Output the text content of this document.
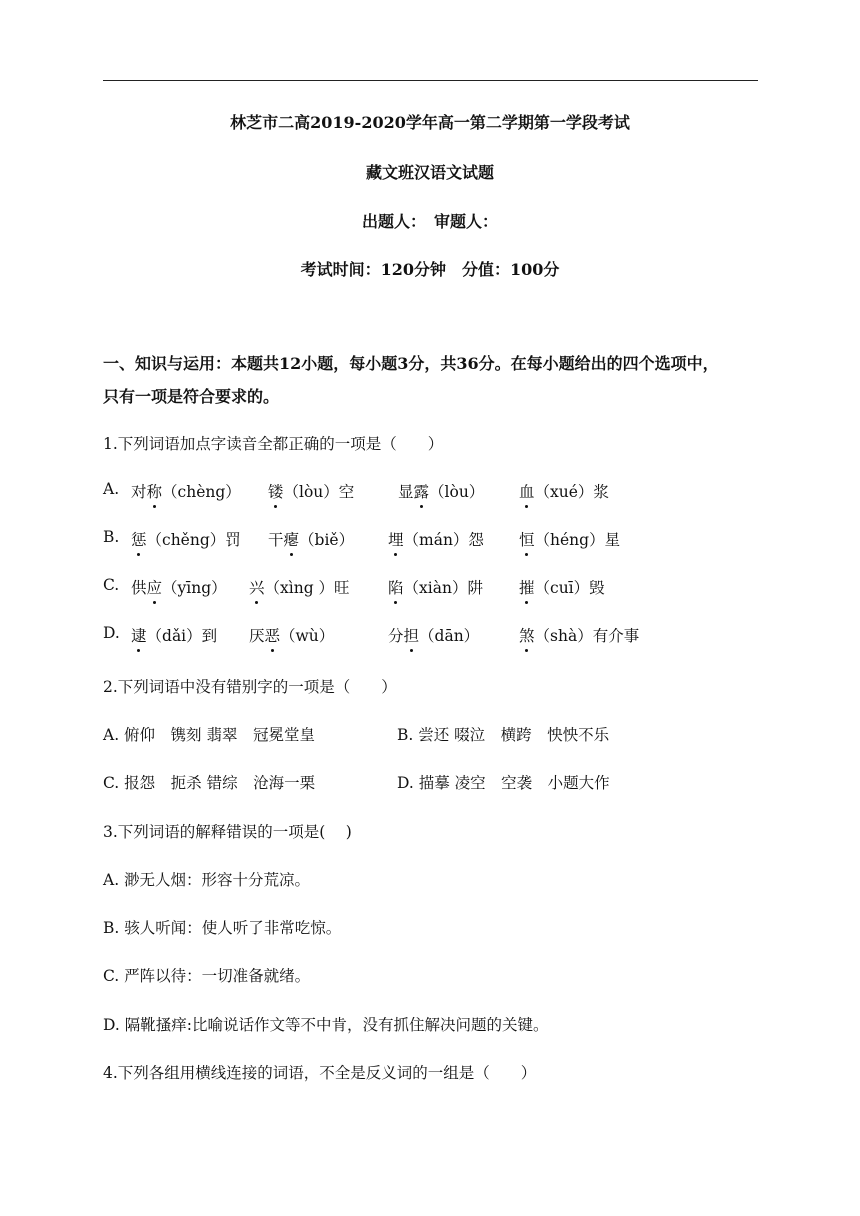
林芝市二高2019-2020学年高一第二学期第一学段考试
藏文班汉语文试题
出题人：　审题人：
考试时间：120分钟　分值：100分
一、知识与运用：本题共12小题，每小题3分，共36分。在每小题给出的四个选项中，
只有一项是符合要求的。
1.下列词语加点字读音全都正确的一项是（　　）
A. 对称（chèng） 镂（lòu）空	显露（lòu） 血（xué）浆
B. 惩（chěng）罚 干瘪（biě） 埋（mán）怨 恒（héng）星
C. 供应（yīng） 兴（xìng ）旺 陷（xiàn）阱 摧（cuī）毁
D. 逮（dǎi）到 厌恶（wù）	分担（dān）	煞（shà）有介事
2.下列词语中没有错别字的一项是（　　）
A. 俯仰　镌刻 翡翠　冠冕堂皇	B. 尝还 啜泣　横跨　怏怏不乐
C. 报怨　扼杀 错综　沧海一栗	D. 描摹 凌空　空袭　小题大作
3.下列词语的解释错误的一项是(　 )
A. 渺无人烟：形容十分荒凉。
B. 骇人听闻：使人听了非常吃惊。
C. 严阵以待：一切准备就绪。
D. 隔靴搔痒:比喻说话作文等不中肯，没有抓住解决问题的关键。
4.下列各组用横线连接的词语，不全是反义词的一组是（　　）
